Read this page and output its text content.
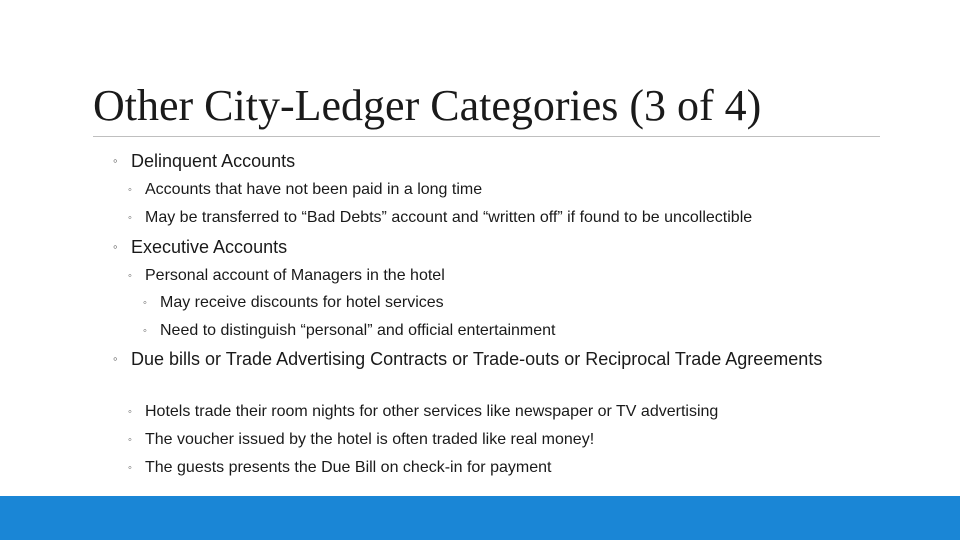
Other City-Ledger Categories (3 of 4)
◦ Delinquent Accounts
◦ Accounts that have not been paid in a long time
◦ May be transferred to “Bad Debts” account and “written off” if found to be uncollectible
◦ Executive Accounts
◦ Personal account of Managers in the hotel
◦ May receive discounts for hotel services
◦ Need to distinguish “personal” and official entertainment
◦ Due bills or Trade Advertising Contracts or Trade-outs or Reciprocal Trade Agreements
◦ Hotels trade their room nights for other services like newspaper or TV advertising
◦ The voucher issued by the hotel is often traded like real money!
◦ The guests presents the Due Bill on check-in for payment
